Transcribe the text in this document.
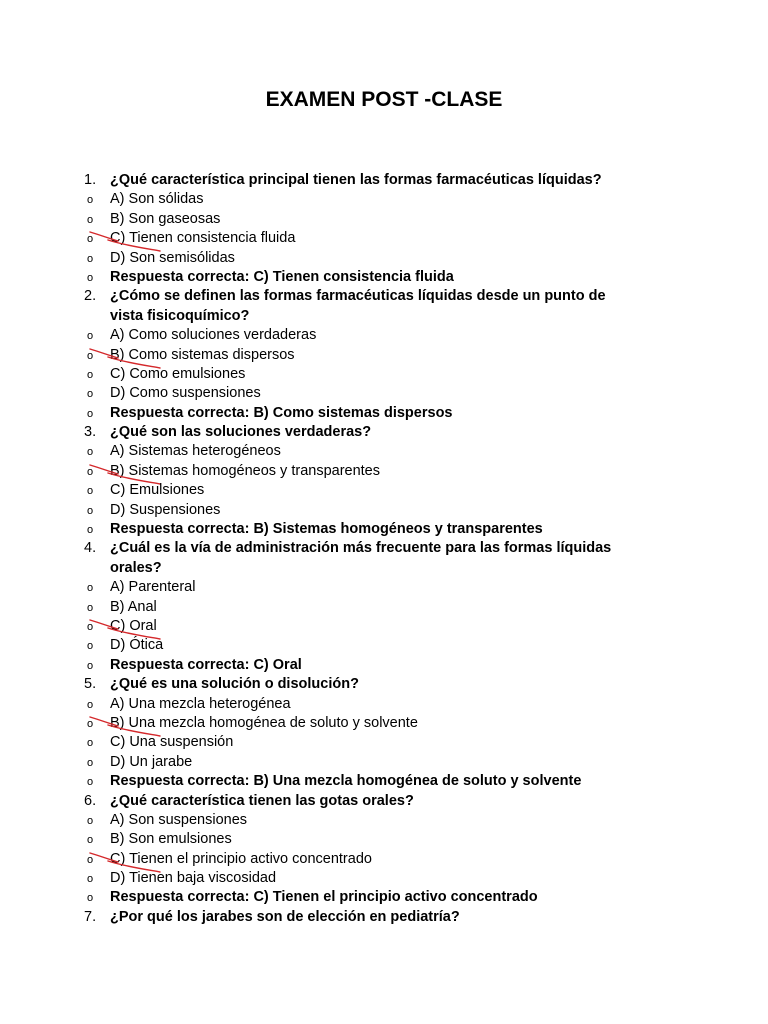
EXAMEN POST -CLASE
1. ¿Qué característica principal tienen las formas farmacéuticas líquidas?
o A) Son sólidas
o B) Son gaseosas
o C) Tienen consistencia fluida
o D) Son semisólidas
o Respuesta correcta: C) Tienen consistencia fluida
2. ¿Cómo se definen las formas farmacéuticas líquidas desde un punto de
vista fisicoquímico?
o A) Como soluciones verdaderas
o B) Como sistemas dispersos
o C) Como emulsiones
o D) Como suspensiones
o Respuesta correcta: B) Como sistemas dispersos
3. ¿Qué son las soluciones verdaderas?
o A) Sistemas heterogéneos
o B) Sistemas homogéneos y transparentes
o C) Emulsiones
o D) Suspensiones
o Respuesta correcta: B) Sistemas homogéneos y transparentes
4. ¿Cuál es la vía de administración más frecuente para las formas líquidas
orales?
o A) Parenteral
o B) Anal
o C) Oral
o D) Ótica
o Respuesta correcta: C) Oral
5. ¿Qué es una solución o disolución?
o A) Una mezcla heterogénea
o B) Una mezcla homogénea de soluto y solvente
o C) Una suspensión
o D) Un jarabe
o Respuesta correcta: B) Una mezcla homogénea de soluto y solvente
6. ¿Qué característica tienen las gotas orales?
o A) Son suspensiones
o B) Son emulsiones
o C) Tienen el principio activo concentrado
o D) Tienen baja viscosidad
o Respuesta correcta: C) Tienen el principio activo concentrado
7. ¿Por qué los jarabes son de elección en pediatría?
